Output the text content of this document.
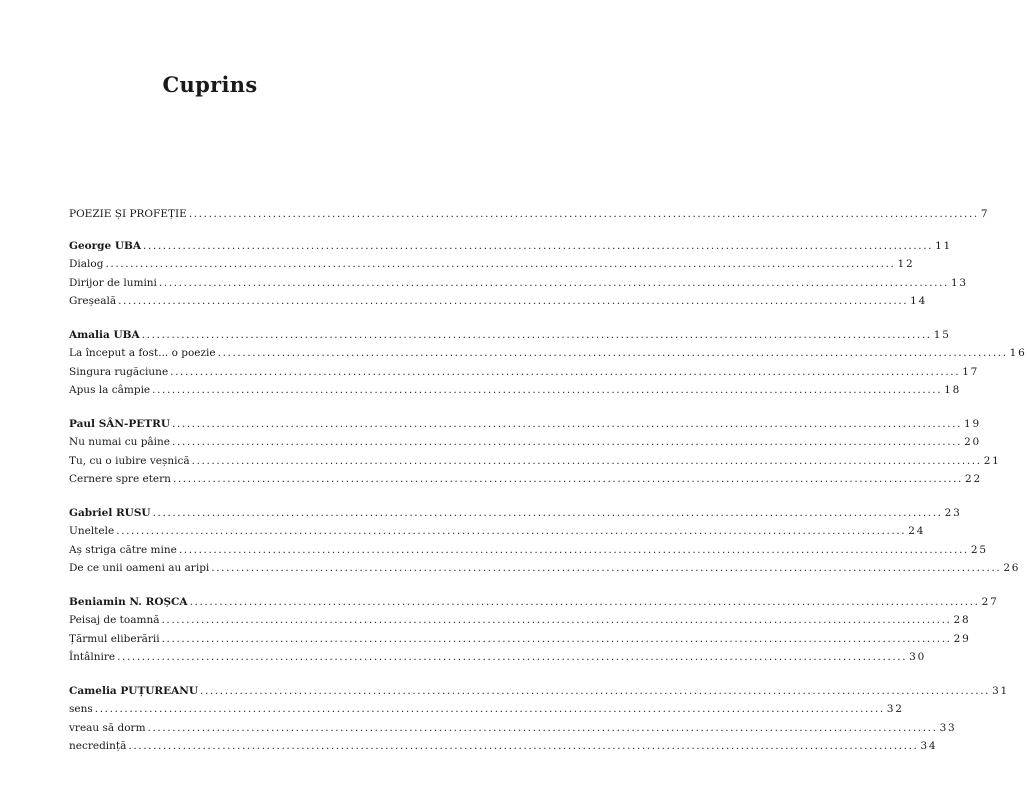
Cuprins
POEZIE ȘI PROFEȚIE ................................................................................................................................................................ 7
George UBA ................................................................................................................................................................ 11
Dialog ................................................................................................................................................................ 12
Dirijor de lumini ................................................................................................................................................................ 13
Greșeală ................................................................................................................................................................ 14
Amalia UBA ................................................................................................................................................................ 15
La început a fost... o poezie ................................................................................................................................................................ 16
Singura rugăciune ................................................................................................................................................................ 17
Apus la câmpie ................................................................................................................................................................ 18
Paul SÂN-PETRU ................................................................................................................................................................ 19
Nu numai cu pâine ................................................................................................................................................................ 20
Tu, cu o iubire veșnică ................................................................................................................................................................ 21
Cernere spre etern ................................................................................................................................................................ 22
Gabriel RUSU ................................................................................................................................................................ 23
Uneltele ................................................................................................................................................................ 24
Aș striga către mine ................................................................................................................................................................ 25
De ce unii oameni au aripi ................................................................................................................................................................ 26
Beniamin N. ROȘCA ................................................................................................................................................................ 27
Peisaj de toamnă ................................................................................................................................................................ 28
Țărmul eliberării ................................................................................................................................................................ 29
Întâlnire ................................................................................................................................................................ 30
Camelia PUȚUREANU ................................................................................................................................................................ 31
sens ................................................................................................................................................................ 32
vreau să dorm ................................................................................................................................................................ 33
necredință ................................................................................................................................................................ 34
